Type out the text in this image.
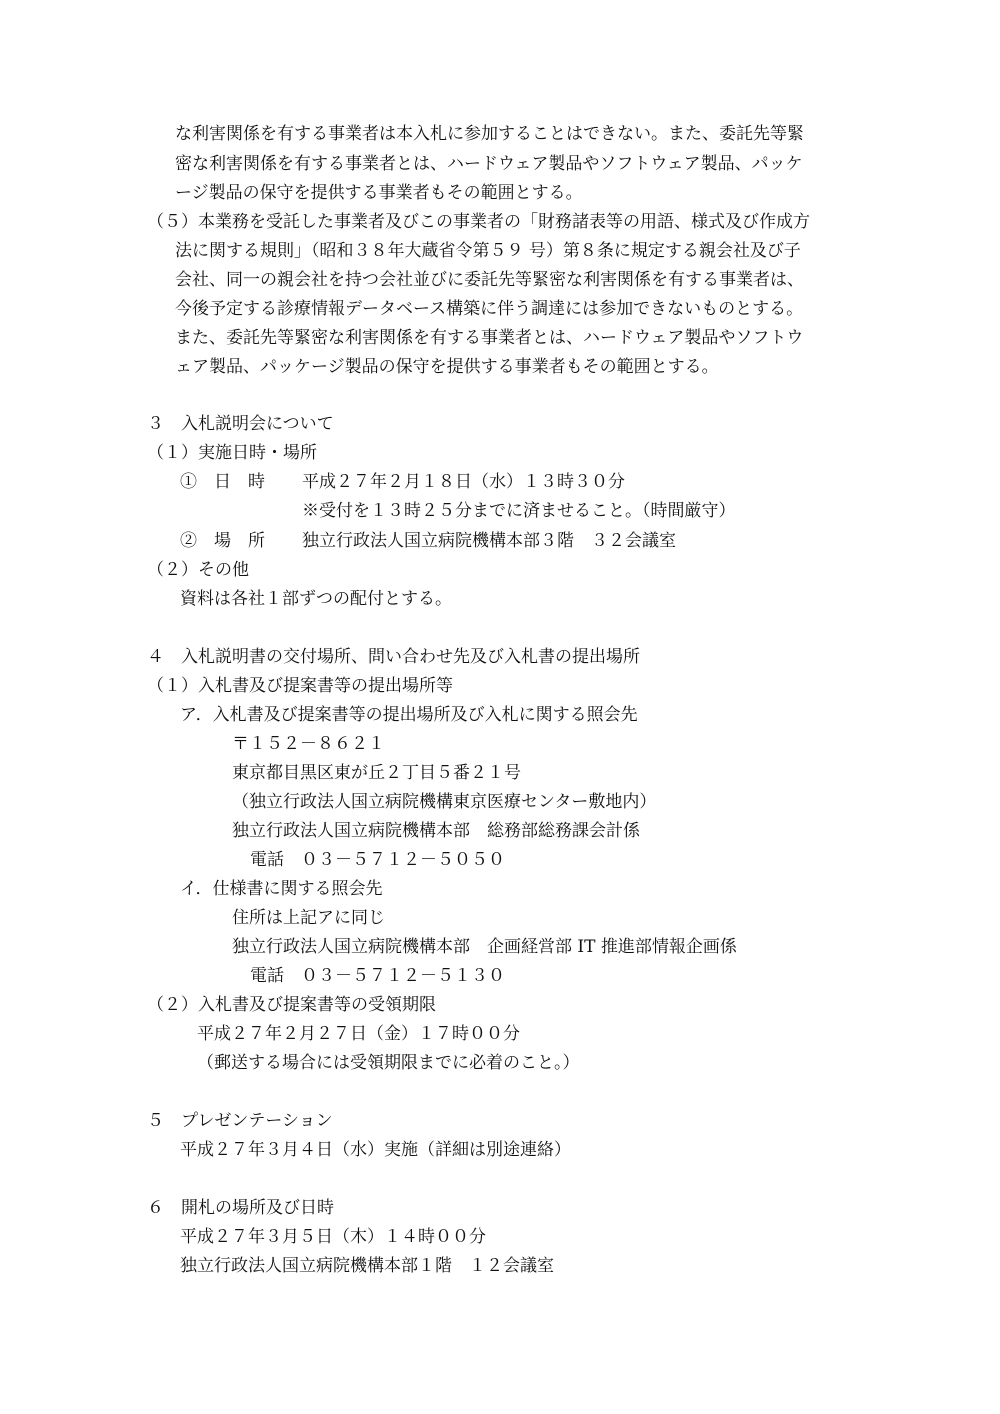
な利害関係を有する事業者は本入札に参加することはできない。また、委託先等緊
密な利害関係を有する事業者とは、ハードウェア製品やソフトウェア製品、パッケ
ージ製品の保守を提供する事業者もその範囲とする。
（５）本業務を受託した事業者及びこの事業者の「財務諸表等の用語、様式及び作成方
法に関する規則」（昭和３８年大蔵省令第５９ 号）第８条に規定する親会社及び子
会社、同一の親会社を持つ会社並びに委託先等緊密な利害関係を有する事業者は、
今後予定する診療情報データベース構築に伴う調達には参加できないものとする。
また、委託先等緊密な利害関係を有する事業者とは、ハードウェア製品やソフトウ
ェア製品、パッケージ製品の保守を提供する事業者もその範囲とする。
３　入札説明会について
（１）実施日時・場所
①　日　時 平成２７年２月１８日（水）１３時３０分
※受付を１３時２５分までに済ませること。（時間厳守）
②　場　所 独立行政法人国立病院機構本部３階　３２会議室
（２）その他
資料は各社１部ずつの配付とする。
４　入札説明書の交付場所、問い合わせ先及び入札書の提出場所
（１）入札書及び提案書等の提出場所等
ア．入札書及び提案書等の提出場所及び入札に関する照会先
〒１５２－８６２１
東京都目黒区東が丘２丁目５番２１号
（独立行政法人国立病院機構東京医療センター敷地内）
独立行政法人国立病院機構本部　総務部総務課会計係
電話　０３－５７１２－５０５０
イ．仕様書に関する照会先
住所は上記アに同じ
独立行政法人国立病院機構本部　企画経営部 IT 推進部情報企画係
電話　０３－５７１２－５１３０
（２）入札書及び提案書等の受領期限
平成２７年２月２７日（金）１７時００分
（郵送する場合には受領期限までに必着のこと。）
５　プレゼンテーション
平成２７年３月４日（水）実施（詳細は別途連絡）
６　開札の場所及び日時
平成２７年３月５日（木）１４時００分
独立行政法人国立病院機構本部１階　１２会議室
